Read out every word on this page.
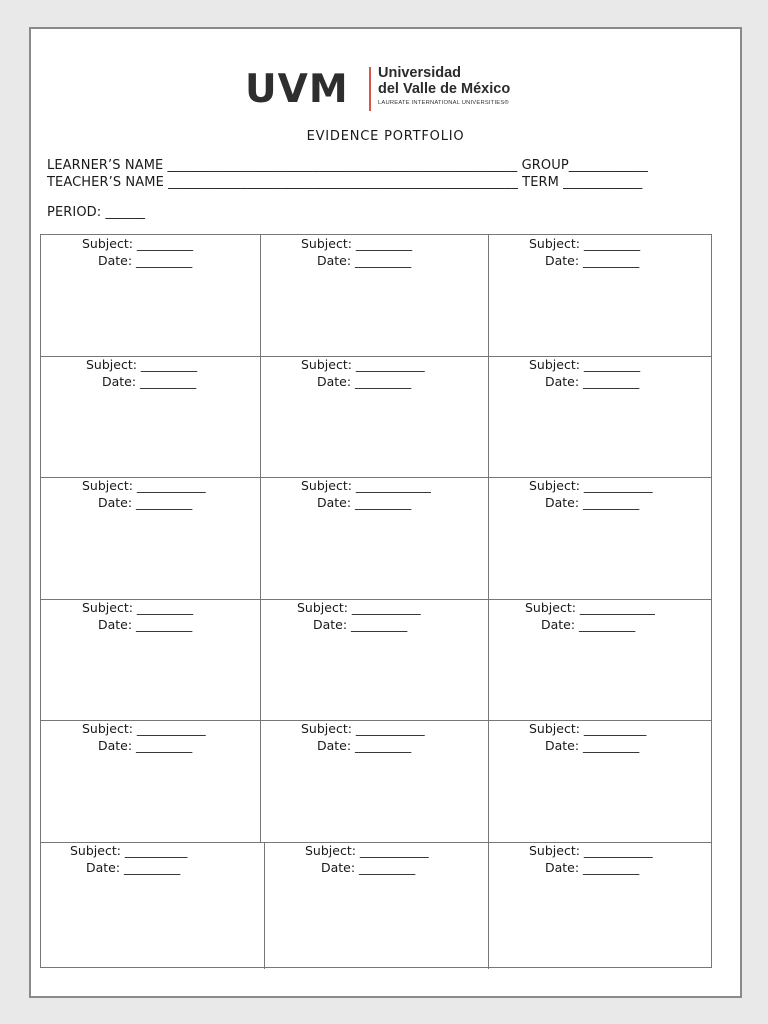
UVM Universidad
del Valle de México
LAUREATE INTERNATIONAL UNIVERSITIES®
EVIDENCE PORTFOLIO
LEARNER’S NAME _____________________________________________________ GROUP____________
TEACHER’S NAME _____________________________________________________ TERM ____________
PERIOD: ______
Subject: _________
Date: _________
Subject: _________
Date: _________
Subject: _________
Date: _________
Subject: _________
Date: _________
Subject: ___________
Date: _________
Subject: _________
Date: _________
Subject: ___________
Date: _________
Subject: ____________
Date: _________
Subject: ___________
Date: _________
Subject: _________
Date: _________
Subject: ___________
Date: _________
Subject: ____________
Date: _________
Subject: ___________
Date: _________
Subject: ___________
Date: _________
Subject: __________
Date: _________
Subject: __________
Date: _________
Subject: ___________
Date: _________
Subject: ___________
Date: _________
